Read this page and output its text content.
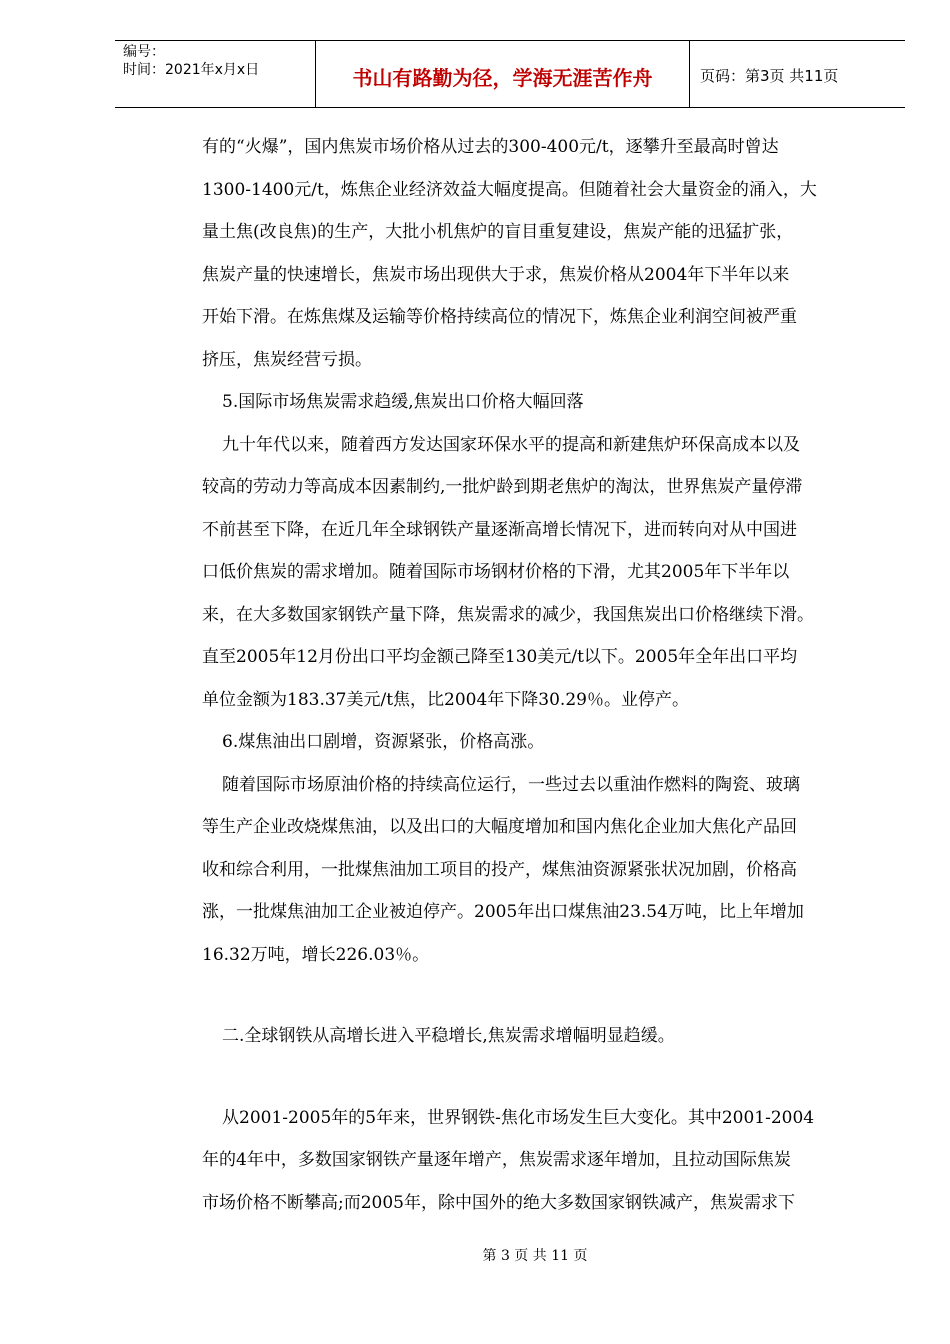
编号：
时间：2021年x月x日	书山有路勤为径，学海无涯苦作舟	页码：第3页 共11页
有的“火爆”，国内焦炭市场价格从过去的300-400元/t，逐攀升至最高时曾达
1300-1400元/t，炼焦企业经济效益大幅度提高。但随着社会大量资金的涌入，大
量土焦(改良焦)的生产，大批小机焦炉的盲目重复建设，焦炭产能的迅猛扩张，
焦炭产量的快速增长，焦炭市场出现供大于求，焦炭价格从2004年下半年以来
开始下滑。在炼焦煤及运输等价格持续高位的情况下，炼焦企业利润空间被严重
挤压，焦炭经营亏损。
5.国际市场焦炭需求趋缓,焦炭出口价格大幅回落
九十年代以来，随着西方发达国家环保水平的提高和新建焦炉环保高成本以及
较高的劳动力等高成本因素制约,一批炉龄到期老焦炉的淘汰，世界焦炭产量停滞
不前甚至下降，在近几年全球钢铁产量逐渐高增长情况下，进而转向对从中国进
口低价焦炭的需求增加。随着国际市场钢材价格的下滑，尤其2005年下半年以
来，在大多数国家钢铁产量下降，焦炭需求的减少，我国焦炭出口价格继续下滑。
直至2005年12月份出口平均金额己降至130美元/t以下。2005年全年出口平均
单位金额为183.37美元/t焦，比2004年下降30.29％。业停产。
6.煤焦油出口剧增，资源紧张，价格高涨。
随着国际市场原油价格的持续高位运行，一些过去以重油作燃料的陶瓷、玻璃
等生产企业改烧煤焦油，以及出口的大幅度增加和国内焦化企业加大焦化产品回
收和综合利用，一批煤焦油加工项目的投产，煤焦油资源紧张状况加剧，价格高
涨，一批煤焦油加工企业被迫停产。2005年出口煤焦油23.54万吨，比上年增加
16.32万吨，增长226.03％。
二.全球钢铁从高增长进入平稳增长,焦炭需求增幅明显趋缓。
从2001-2005年的5年来，世界钢铁-焦化市场发生巨大变化。其中2001-2004
年的4年中，多数国家钢铁产量逐年增产，焦炭需求逐年增加，且拉动国际焦炭
市场价格不断攀高;而2005年，除中国外的绝大多数国家钢铁减产，焦炭需求下
第 3 页 共 11 页
